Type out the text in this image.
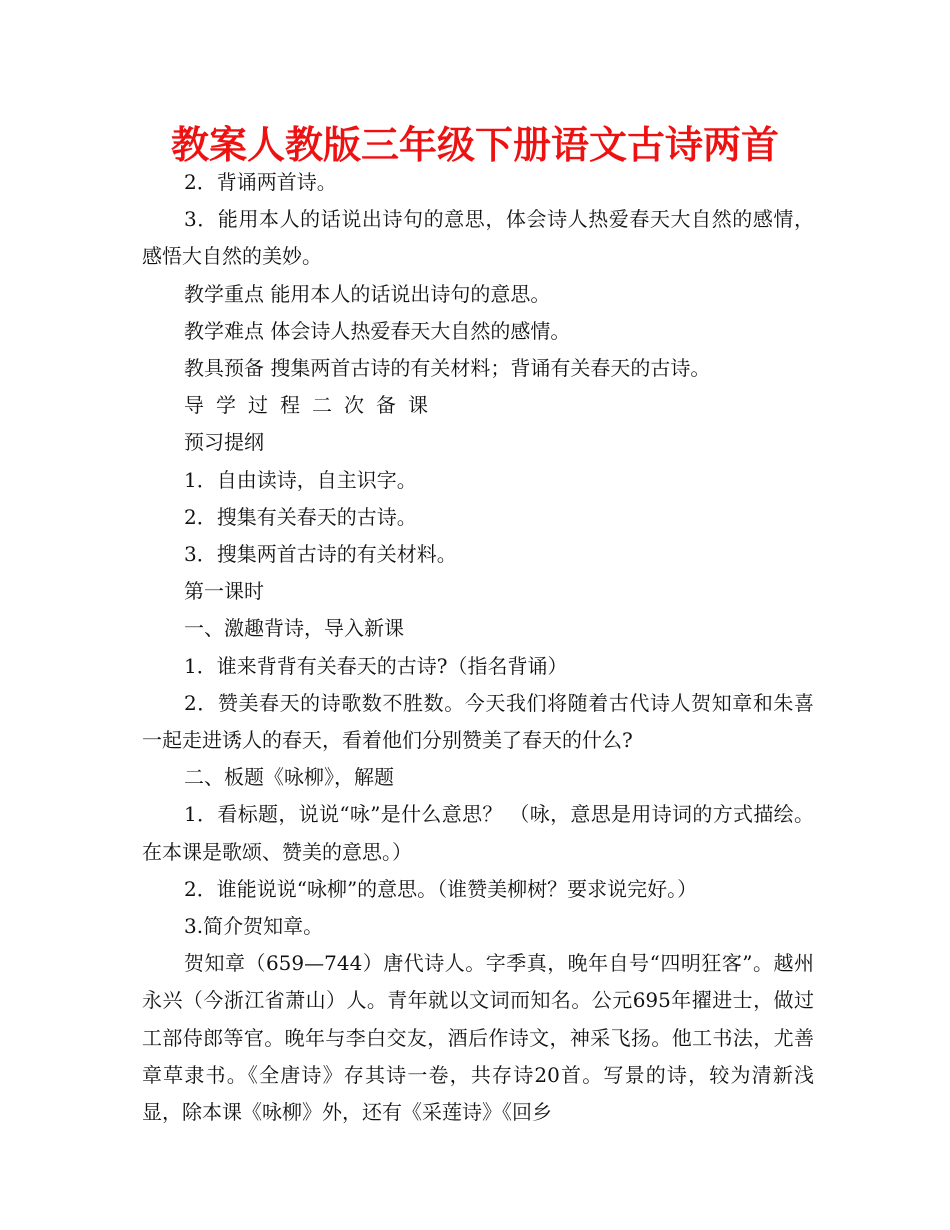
教案人教版三年级下册语文古诗两首

2．背诵两首诗。

3．能用本人的话说出诗句的意思，体会诗人热爱春天大自然的感情，感悟大自然的美妙。

教学重点 能用本人的话说出诗句的意思。

教学难点 体会诗人热爱春天大自然的感情。

教具预备 搜集两首古诗的有关材料；背诵有关春天的古诗。

导学过程二次备课

预习提纲

1．自由读诗，自主识字。

2．搜集有关春天的古诗。

3．搜集两首古诗的有关材料。

第一课时

一、激趣背诗，导入新课

1．谁来背背有关春天的古诗?（指名背诵）

2．赞美春天的诗歌数不胜数。今天我们将随着古代诗人贺知章和朱喜一起走进诱人的春天，看着他们分别赞美了春天的什么?

二、板题《咏柳》，解题

1．看标题，说说“咏”是什么意思？ （咏，意思是用诗词的方式描绘。在本课是歌颂、赞美的意思。）

2．谁能说说“咏柳”的意思。（谁赞美柳树？要求说完好。）

3.简介贺知章。

贺知章（659—744）唐代诗人。字季真，晚年自号“四明狂客”。越州永兴（今浙江省萧山）人。青年就以文词而知名。公元695年擢进士，做过工部侍郎等官。晚年与李白交友，酒后作诗文，神采飞扬。他工书法，尤善章草隶书。《全唐诗》存其诗一卷，共存诗20首。写景的诗，较为清新浅显，除本课《咏柳》外，还有《采莲诗》《回乡
